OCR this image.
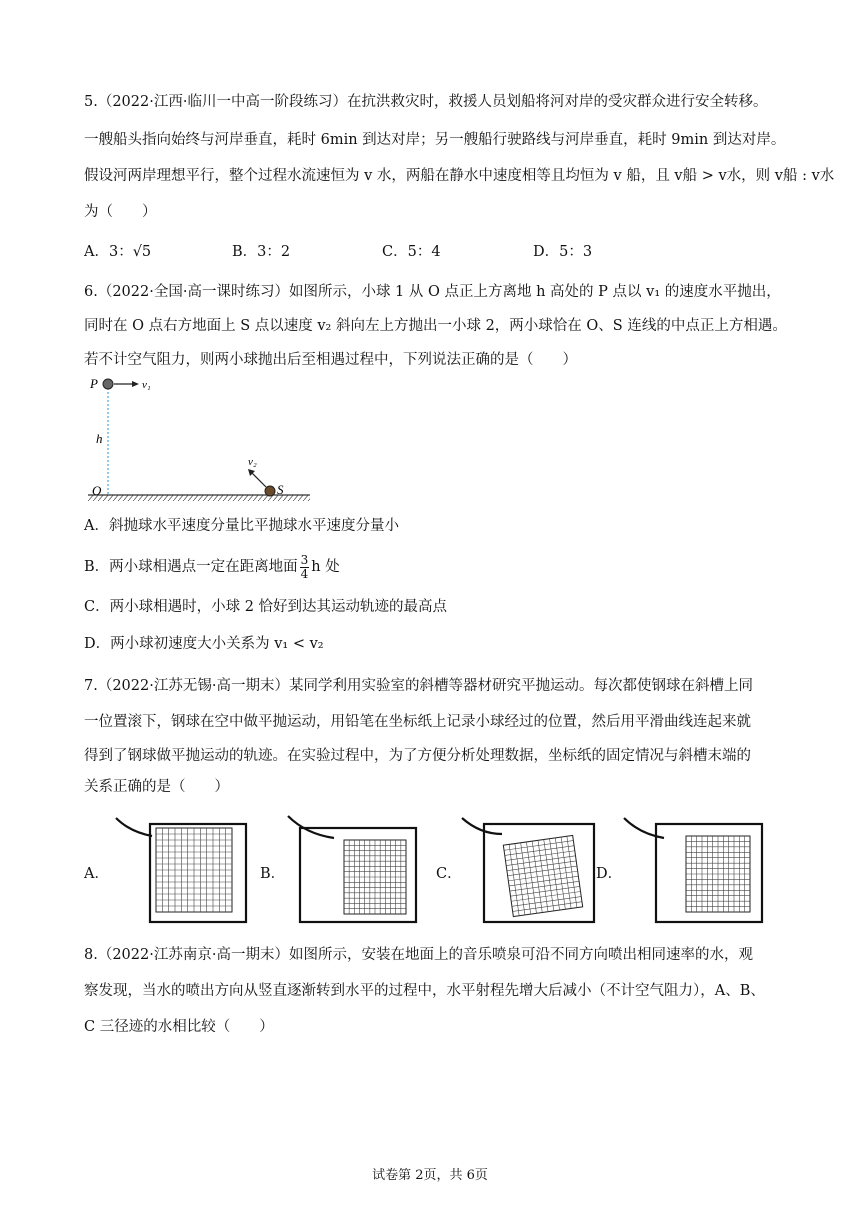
5.（2022·江西·临川一中高一阶段练习）在抗洪救灾时，救援人员划船将河对岸的受灾群众进行安全转移。
一艘船头指向始终与河岸垂直，耗时 6min 到达对岸；另一艘船行驶路线与河岸垂直，耗时 9min 到达对岸。
假设河两岸理想平行，整个过程水流速恒为 v 水，两船在静水中速度相等且均恒为 v 船，且 v船 > v水，则 v船 : v水
为（　　）
A．3：√5	B．3：2	C．5：4	D．5：3
6.（2022·全国·高一课时练习）如图所示，小球 1 从 O 点正上方离地 h 高处的 P 点以 v₁ 的速度水平抛出，
同时在 O 点右方地面上 S 点以速度 v₂ 斜向左上方抛出一小球 2，两小球恰在 O、S 连线的中点正上方相遇。
若不计空气阻力，则两小球抛出后至相遇过程中，下列说法正确的是（　　）
P	v₁
h
v₂
O	S
A．斜抛球水平速度分量比平抛球水平速度分量小
B．两小球相遇点一定在距离地面 $\frac{3}{4}$ h 处
C．两小球相遇时，小球 2 恰好到达其运动轨迹的最高点
D．两小球初速度大小关系为 v₁ < v₂
7.（2022·江苏无锡·高一期末）某同学利用实验室的斜槽等器材研究平抛运动。每次都使钢球在斜槽上同
一位置滚下，钢球在空中做平抛运动，用铅笔在坐标纸上记录小球经过的位置，然后用平滑曲线连起来就
得到了钢球做平抛运动的轨迹。在实验过程中，为了方便分析处理数据，坐标纸的固定情况与斜槽末端的
关系正确的是（　　）
A．	B．	C．	D．
8.（2022·江苏南京·高一期末）如图所示，安装在地面上的音乐喷泉可沿不同方向喷出相同速率的水，观
察发现，当水的喷出方向从竖直逐渐转到水平的过程中，水平射程先增大后减小（不计空气阻力），A、B、
C 三径迹的水相比较（　　）
试卷第 2页，共 6页
